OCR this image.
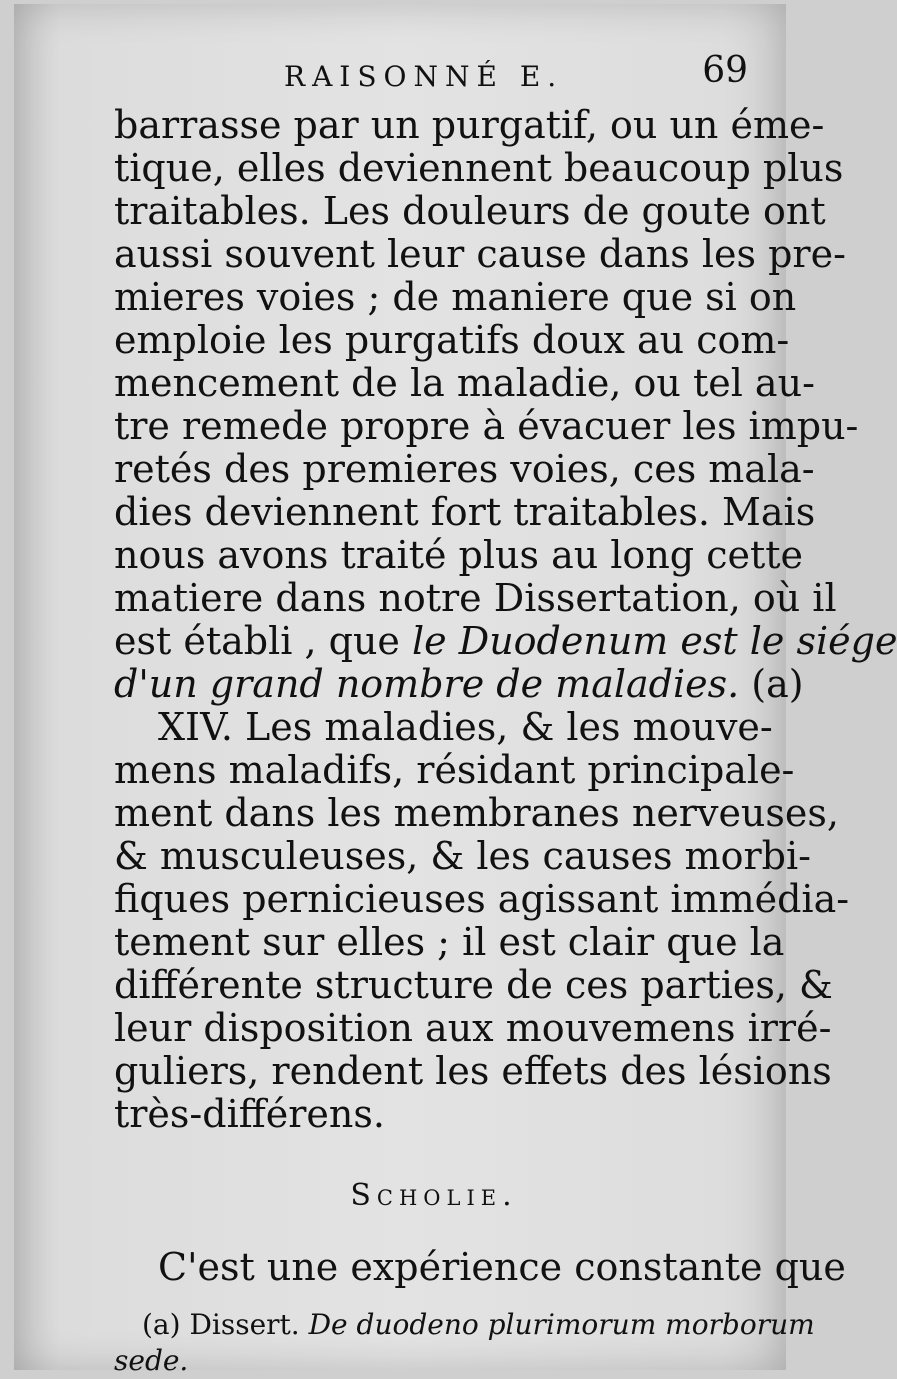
RAISONNÉ E.	69
barrasse par un purgatif, ou un éme-
tique, elles deviennent beaucoup plus
traitables. Les douleurs de goute ont
aussi souvent leur cause dans les pre-
mieres voies ; de maniere que si on
emploie les purgatifs doux au com-
mencement de la maladie, ou tel au-
tre remede propre à évacuer les impu-
retés des premieres voies, ces mala-
dies deviennent fort traitables. Mais
nous avons traité plus au long cette
matiere dans notre Dissertation, où il
est établi , que le Duodenum est le siége
d'un grand nombre de maladies. (a)
XIV. Les maladies, & les mouve-
mens maladifs, résidant principale-
ment dans les membranes nerveuses,
& musculeuses, & les causes morbi-
fiques pernicieuses agissant immédia-
tement sur elles ; il est clair que la
différente structure de ces parties, &
leur disposition aux mouvemens irré-
guliers, rendent les effets des lésions
très-différens.
Scholie.
C'est une expérience constante que
(a) Dissert. De duodeno plurimorum morborum
sede.
